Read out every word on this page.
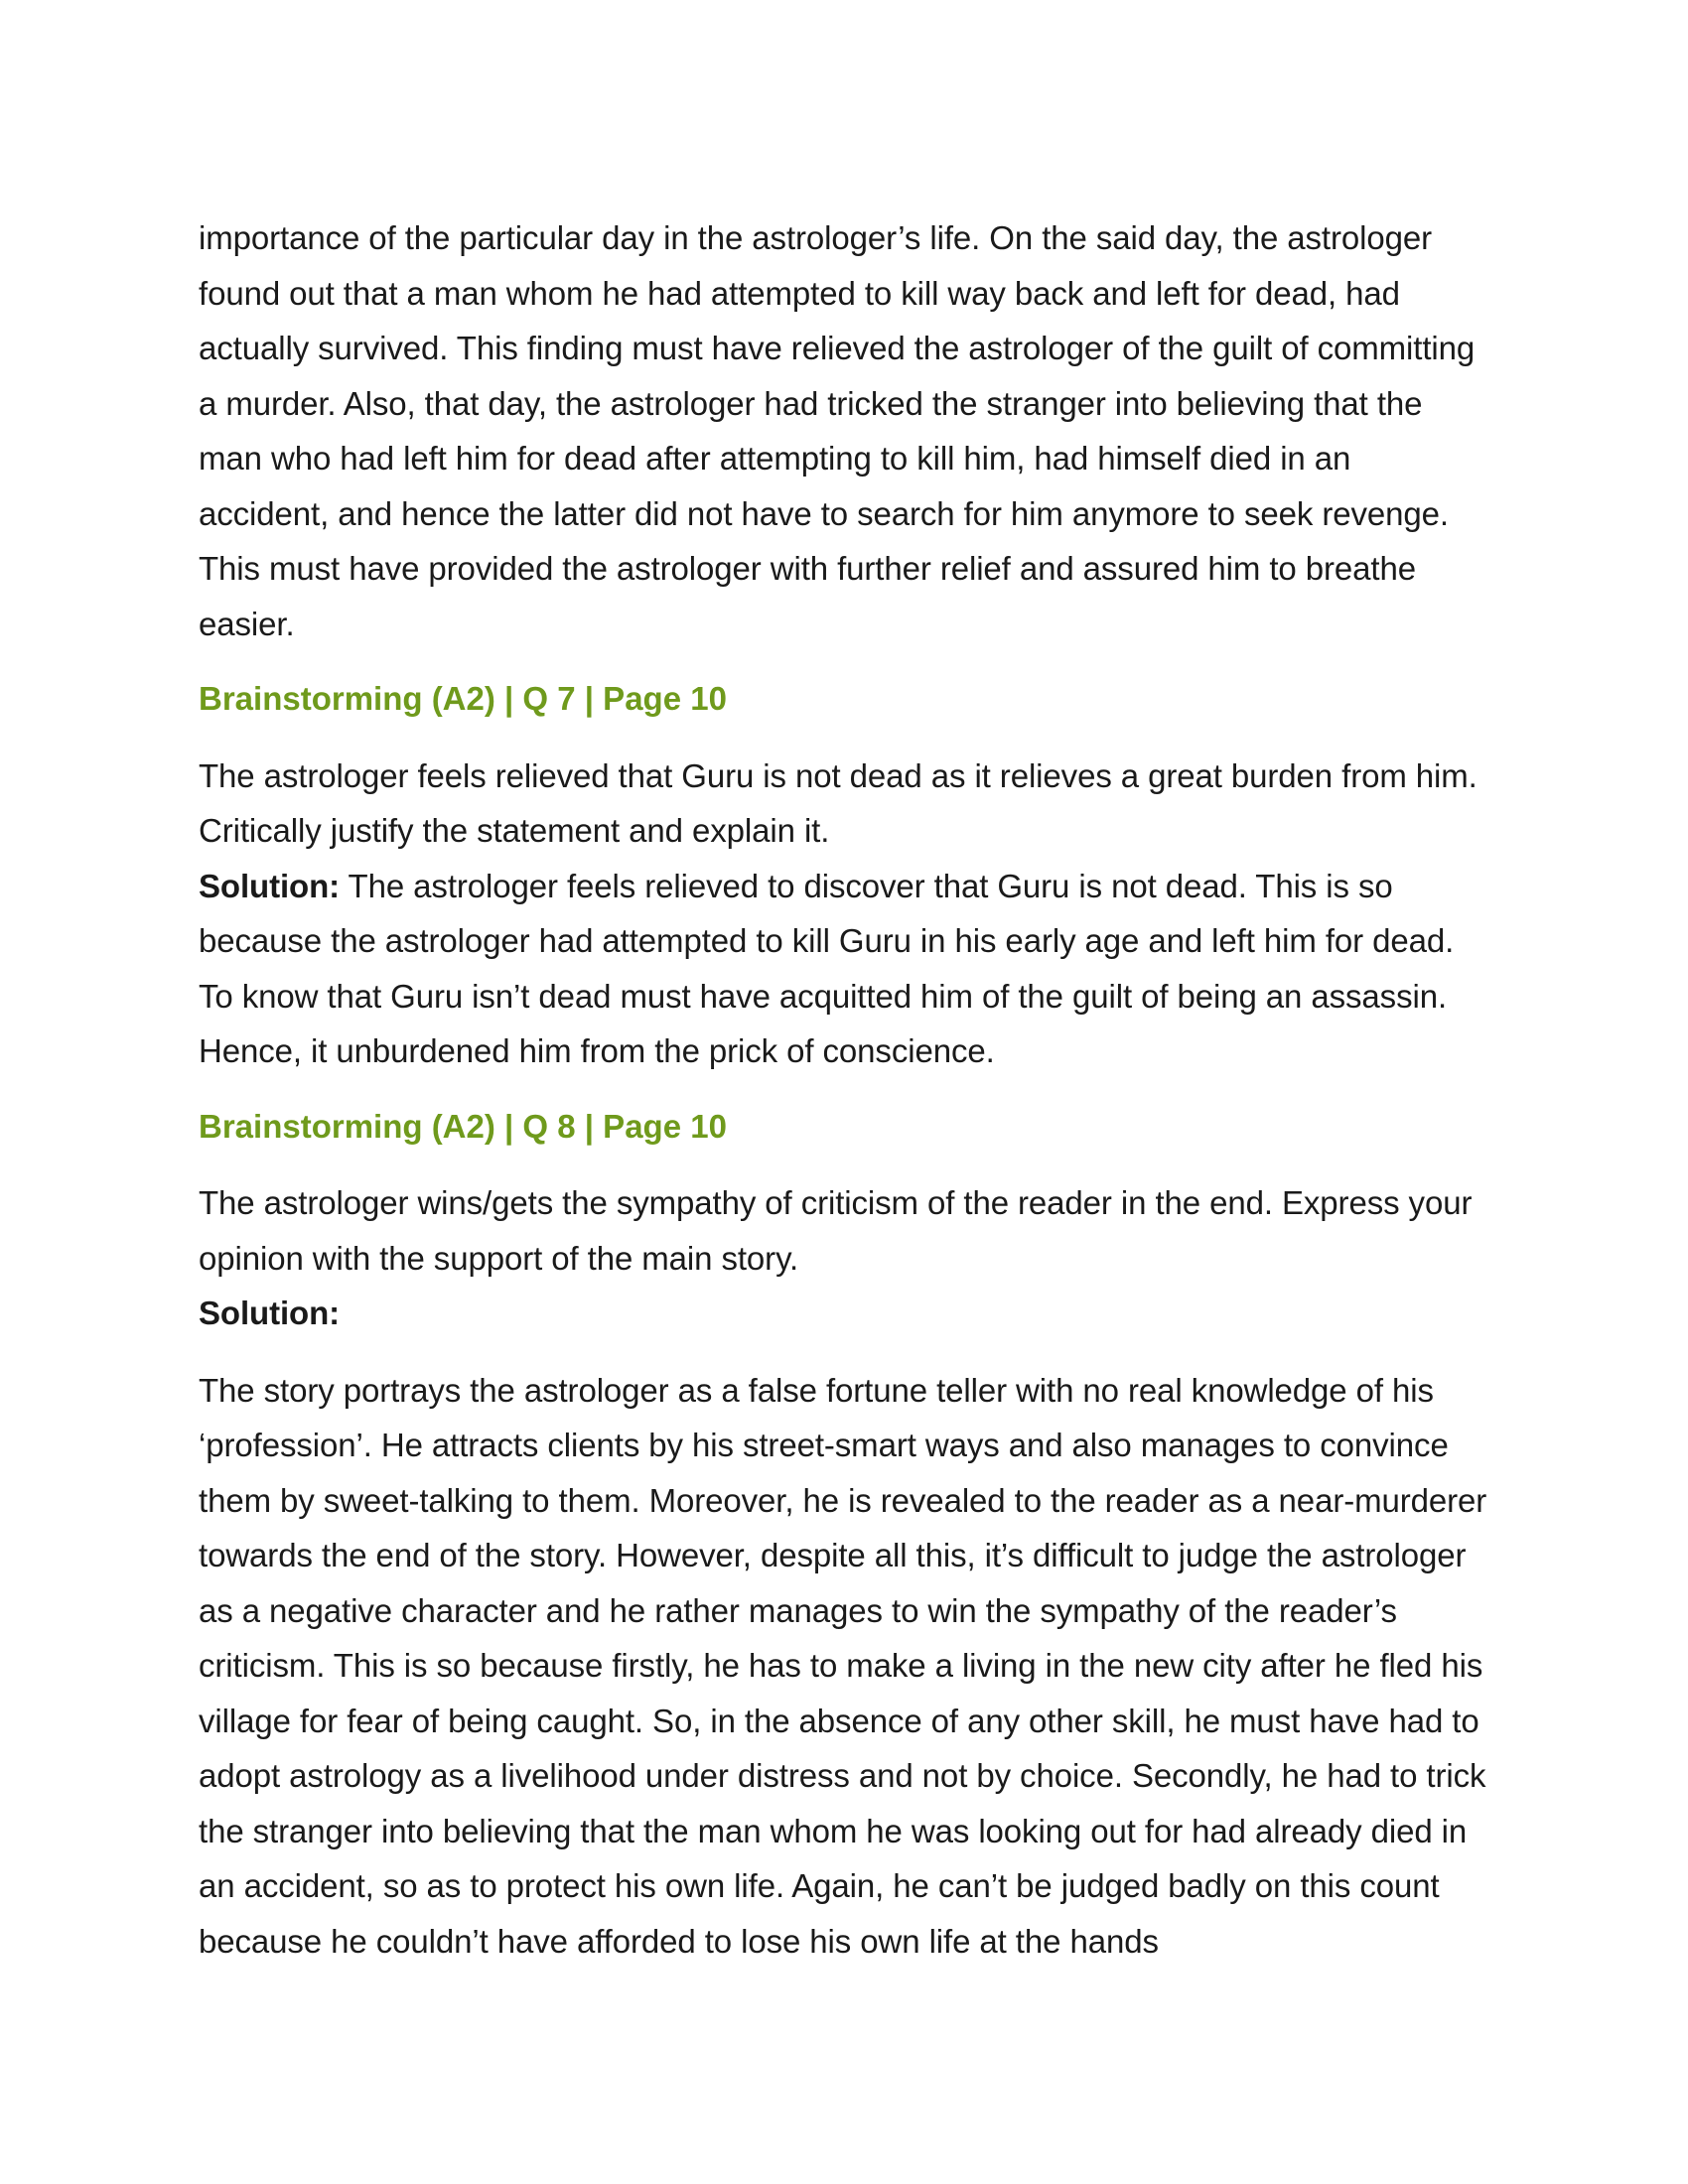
importance of the particular day in the astrologer’s life. On the said day, the astrologer found out that a man whom he had attempted to kill way back and left for dead, had actually survived. This finding must have relieved the astrologer of the guilt of committing a murder. Also, that day, the astrologer had tricked the stranger into believing that the man who had left him for dead after attempting to kill him, had himself died in an accident, and hence the latter did not have to search for him anymore to seek revenge. This must have provided the astrologer with further relief and assured him to breathe easier.

Brainstorming (A2) | Q 7 | Page 10

The astrologer feels relieved that Guru is not dead as it relieves a great burden from him. Critically justify the statement and explain it.

Solution: The astrologer feels relieved to discover that Guru is not dead. This is so because the astrologer had attempted to kill Guru in his early age and left him for dead. To know that Guru isn’t dead must have acquitted him of the guilt of being an assassin. Hence, it unburdened him from the prick of conscience.

Brainstorming (A2) | Q 8 | Page 10

The astrologer wins/gets the sympathy of criticism of the reader in the end. Express your opinion with the support of the main story.

Solution:

The story portrays the astrologer as a false fortune teller with no real knowledge of his ‘profession’. He attracts clients by his street-smart ways and also manages to convince them by sweet-talking to them. Moreover, he is revealed to the reader as a near-murderer towards the end of the story. However, despite all this, it’s difficult to judge the astrologer as a negative character and he rather manages to win the sympathy of the reader’s criticism. This is so because firstly, he has to make a living in the new city after he fled his village for fear of being caught. So, in the absence of any other skill, he must have had to adopt astrology as a livelihood under distress and not by choice. Secondly, he had to trick the stranger into believing that the man whom he was looking out for had already died in an accident, so as to protect his own life. Again, he can’t be judged badly on this count because he couldn’t have afforded to lose his own life at the hands
